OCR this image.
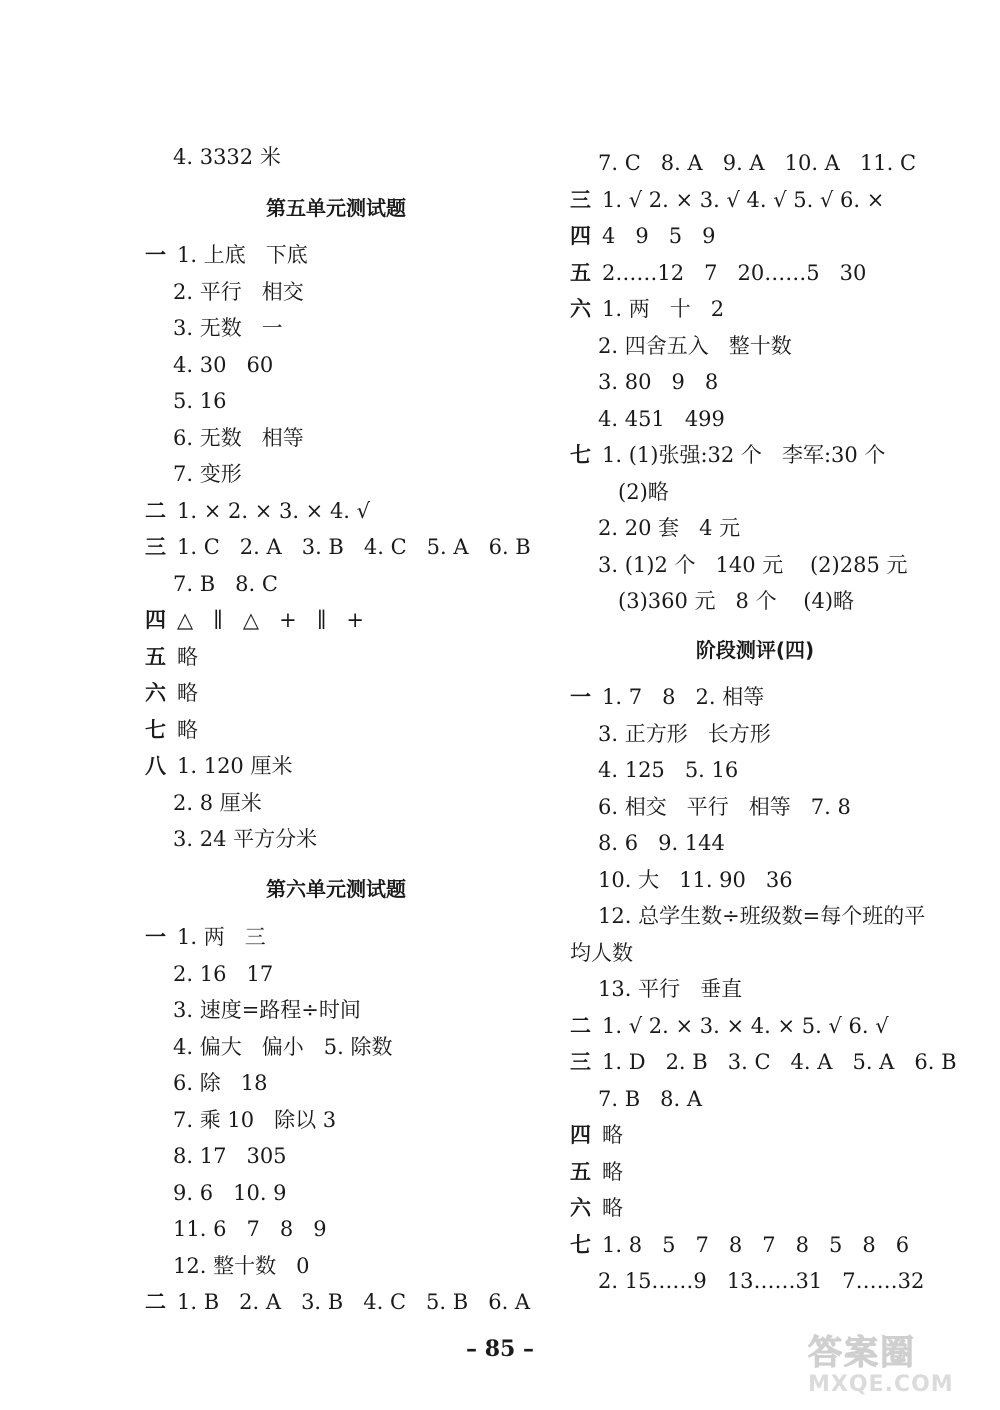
4. 3332 米
第五单元测试题
一 1. 上底   下底
2. 平行   相交
3. 无数   一
4. 30   60
5. 16
6. 无数   相等
7. 变形
二 1. × 2. × 3. × 4. √
三 1. C   2. A   3. B   4. C   5. A   6. B
7. B   8. C
四 △   ∥   △   +   ∥   +
五 略
六 略
七 略
八 1. 120 厘米
2. 8 厘米
3. 24 平方分米
第六单元测试题
一 1. 两   三
2. 16   17
3. 速度=路程÷时间
4. 偏大   偏小   5. 除数
6. 除   18
7. 乘 10   除以 3
8. 17   305
9. 6   10. 9
11. 6   7   8   9
12. 整十数   0
二 1. B   2. A   3. B   4. C   5. B   6. A
7. C   8. A   9. A   10. A   11. C
三 1. √ 2. × 3. √ 4. √ 5. √ 6. ×
四 4   9   5   9
五 2……12   7   20……5   30
六 1. 两   十   2
2. 四舍五入   整十数
3. 80   9   8
4. 451   499
七 1. (1)张强:32 个   李军:30 个
(2)略
2. 20 套   4 元
3. (1)2 个   140 元    (2)285 元
(3)360 元   8 个    (4)略
阶段测评(四)
一 1. 7   8   2. 相等
3. 正方形   长方形
4. 125   5. 16
6. 相交   平行   相等   7. 8
8. 6   9. 144
10. 大   11. 90   36
12. 总学生数÷班级数=每个班的平
均人数
13. 平行   垂直
二 1. √ 2. × 3. × 4. × 5. √ 6. √
三 1. D   2. B   3. C   4. A   5. A   6. B
7. B   8. A
四 略
五 略
六 略
七 1. 8   5   7   8   7   8   5   8   6
2. 15……9   13……31   7……32
– 85 –	答案圈
MXQE.COM
